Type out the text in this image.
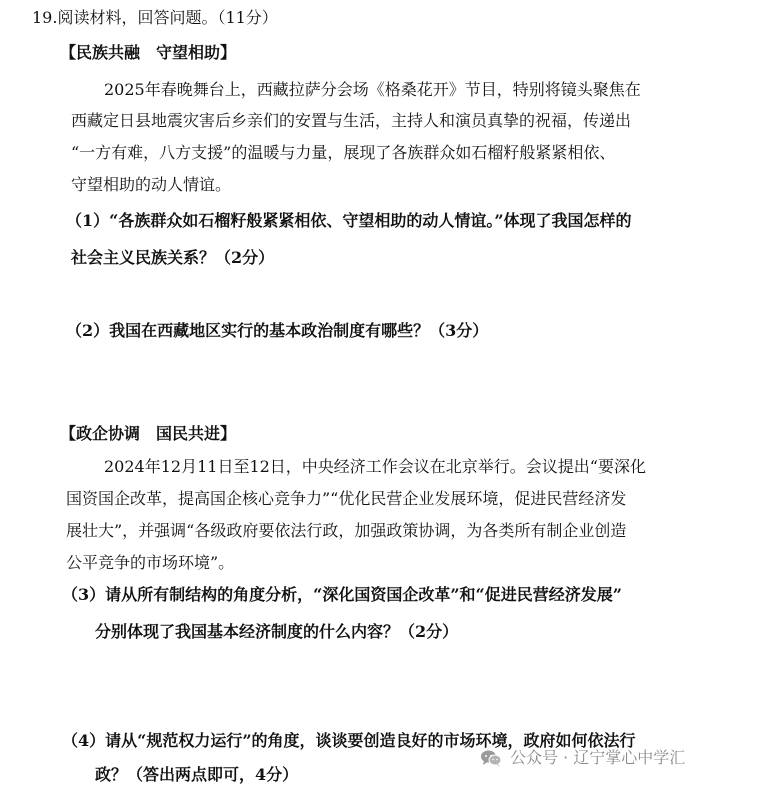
19.阅读材料，回答问题。（11分）
【民族共融　守望相助】
2025年春晚舞台上，西藏拉萨分会场《格桑花开》节目，特别将镜头聚焦在
西藏定日县地震灾害后乡亲们的安置与生活，主持人和演员真挚的祝福，传递出
“一方有难，八方支援”的温暖与力量，展现了各族群众如石榴籽般紧紧相依、
守望相助的动人情谊。
（1）“各族群众如石榴籽般紧紧相依、守望相助的动人情谊。”体现了我国怎样的
社会主义民族关系？（2分）
（2）我国在西藏地区实行的基本政治制度有哪些？（3分）
【政企协调　国民共进】
2024年12月11日至12日，中央经济工作会议在北京举行。会议提出“要深化
国资国企改革，提高国企核心竞争力”“优化民营企业发展环境，促进民营经济发
展壮大”，并强调“各级政府要依法行政，加强政策协调，为各类所有制企业创造
公平竞争的市场环境”。
（3）请从所有制结构的角度分析，“深化国资国企改革”和“促进民营经济发展”
分别体现了我国基本经济制度的什么内容？（2分）
（4）请从“规范权力运行”的角度，谈谈要创造良好的市场环境，政府如何依法行
政？（答出两点即可，4分）
公众号 · 辽宁掌心中学汇
